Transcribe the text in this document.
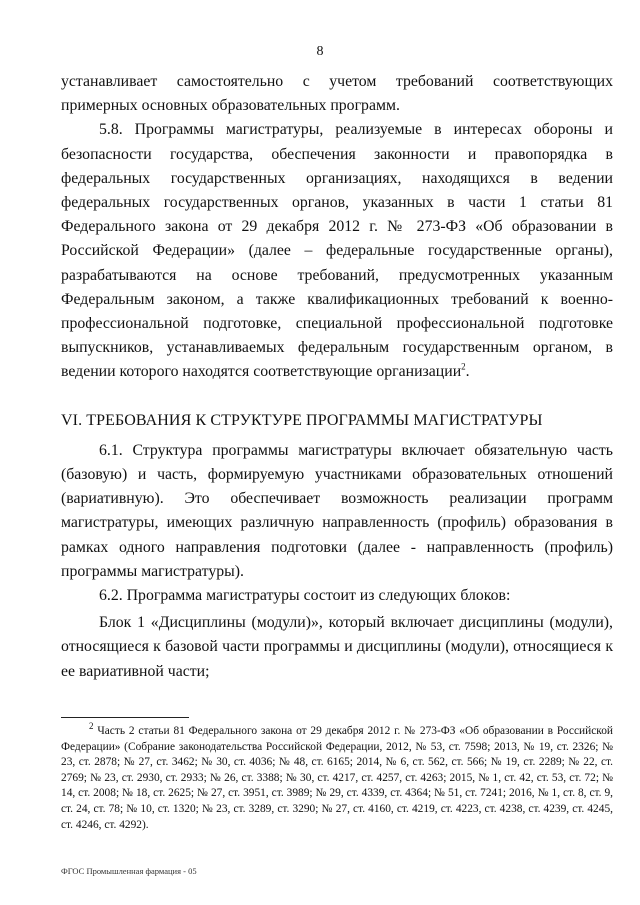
8

устанавливает самостоятельно с учетом требований соответствующих примерных основных образовательных программ.

5.8. Программы магистратуры, реализуемые в интересах обороны и безопасности государства, обеспечения законности и правопорядка в федеральных государственных организациях, находящихся в ведении федеральных государственных органов, указанных в части 1 статьи 81 Федерального закона от 29 декабря 2012 г. № 273-ФЗ «Об образовании в Российской Федерации» (далее – федеральные государственные органы), разрабатываются на основе требований, предусмотренных указанным Федеральным законом, а также квалификационных требований к военно-профессиональной подготовке, специальной профессиональной подготовке выпускников, устанавливаемых федеральным государственным органом, в ведении которого находятся соответствующие организации$^2$.

VI. ТРЕБОВАНИЯ К СТРУКТУРЕ ПРОГРАММЫ МАГИСТРАТУРЫ

6.1. Структура программы магистратуры включает обязательную часть (базовую) и часть, формируемую участниками образовательных отношений (вариативную). Это обеспечивает возможность реализации программ магистратуры, имеющих различную направленность (профиль) образования в рамках одного направления подготовки (далее - направленность (профиль) программы магистратуры).

6.2. Программа магистратуры состоит из следующих блоков:

Блок 1 «Дисциплины (модули)», который включает дисциплины (модули), относящиеся к базовой части программы и дисциплины (модули), относящиеся к ее вариативной части;

$^2$ Часть 2 статьи 81 Федерального закона от 29 декабря 2012 г. № 273-ФЗ «Об образовании в Российской Федерации» (Собрание законодательства Российской Федерации, 2012, № 53, ст. 7598; 2013, № 19, ст. 2326; № 23, ст. 2878; № 27, ст. 3462; № 30, ст. 4036; № 48, ст. 6165; 2014, № 6, ст. 562, ст. 566; № 19, ст. 2289; № 22, ст. 2769; № 23, ст. 2930, ст. 2933; № 26, ст. 3388; № 30, ст. 4217, ст. 4257, ст. 4263; 2015, № 1, ст. 42, ст. 53, ст. 72; № 14, ст. 2008; № 18, ст. 2625; № 27, ст. 3951, ст. 3989; № 29, ст. 4339, ст. 4364; № 51, ст. 7241; 2016, № 1, ст. 8, ст. 9, ст. 24, ст. 78; № 10, ст. 1320; № 23, ст. 3289, ст. 3290; № 27, ст. 4160, ст. 4219, ст. 4223, ст. 4238, ст. 4239, ст. 4245, ст. 4246, ст. 4292).

ФГОС Промышленная фармация - 05
